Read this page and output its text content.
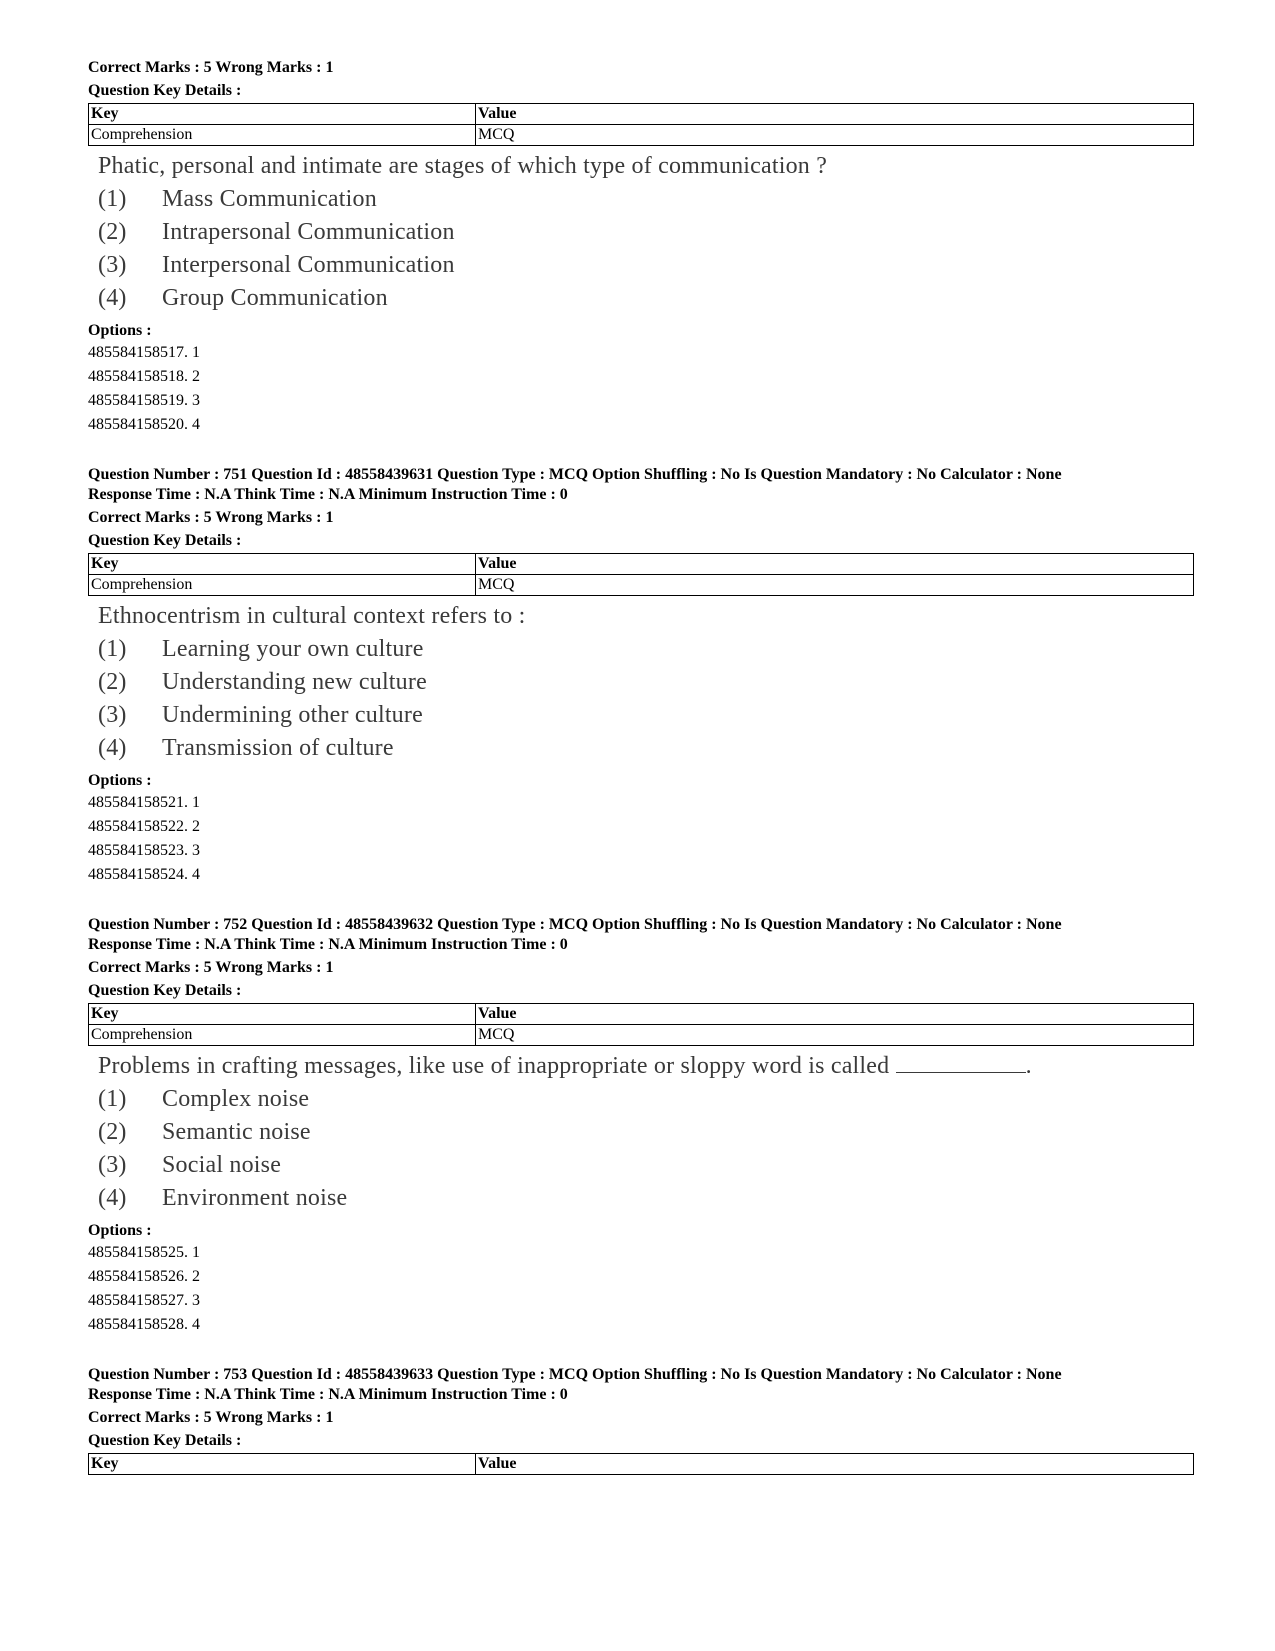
Correct Marks : 5 Wrong Marks : 1
Question Key Details :
Key	Value
Comprehension	MCQ
Phatic, personal and intimate are stages of which type of communication ?
(1)	Mass Communication
(2)	Intrapersonal Communication
(3)	Interpersonal Communication
(4)	Group Communication
Options :
485584158517. 1
485584158518. 2
485584158519. 3
485584158520. 4
Question Number : 751 Question Id : 48558439631 Question Type : MCQ Option Shuffling : No Is Question Mandatory : No Calculator : None
Response Time : N.A Think Time : N.A Minimum Instruction Time : 0
Correct Marks : 5 Wrong Marks : 1
Question Key Details :
Key	Value
Comprehension	MCQ
Ethnocentrism in cultural context refers to :
(1)	Learning your own culture
(2)	Understanding new culture
(3)	Undermining other culture
(4)	Transmission of culture
Options :
485584158521. 1
485584158522. 2
485584158523. 3
485584158524. 4
Question Number : 752 Question Id : 48558439632 Question Type : MCQ Option Shuffling : No Is Question Mandatory : No Calculator : None
Response Time : N.A Think Time : N.A Minimum Instruction Time : 0
Correct Marks : 5 Wrong Marks : 1
Question Key Details :
Key	Value
Comprehension	MCQ
Problems in crafting messages, like use of inappropriate or sloppy word is called	.
(1)	Complex noise
(2)	Semantic noise
(3)	Social noise
(4)	Environment noise
Options :
485584158525. 1
485584158526. 2
485584158527. 3
485584158528. 4
Question Number : 753 Question Id : 48558439633 Question Type : MCQ Option Shuffling : No Is Question Mandatory : No Calculator : None
Response Time : N.A Think Time : N.A Minimum Instruction Time : 0
Correct Marks : 5 Wrong Marks : 1
Question Key Details :
Key	Value
